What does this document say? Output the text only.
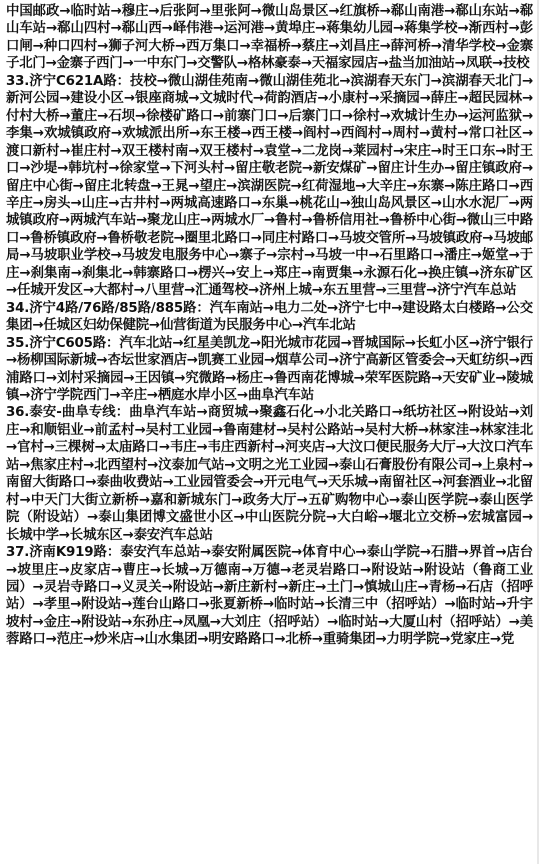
中国邮政→临时站→穆庄→后张阿→里张阿→微山岛景区→红旗桥→郗山南港→郗山东站→郗山车站→郗山四村→郗山西→峄伟港→运河港→黄埠庄→蒋集幼儿园→蒋集学校→渐西村→彭口闸→种口四村→狮子河大桥→西万集口→幸福桥→蔡庄→刘昌庄→薛河桥→清华学校→金寨子北门→金寨子西门→一中东门→交警队→格林豪泰→天福家园店→盐当加油站→凤联→技校

33.济宁C621A路：技校→微山湖佳苑南→微山湖佳苑北→滨湖春天东门→滨湖春天北门→新河公园→建设小区→银座商城→文城时代→荷韵酒店→小康村→采摘园→薛庄→超民园林→付村大桥→董庄→石坝→徐楼矿路口→前寨门口→后寨门口→徐村→欢城计生办→运河监狱→李集→欢城镇政府→欢城派出所→东王楼→西王楼→阎村→西阎村→周村→黄村→常口社区→渡口新村→崔庄村→双王楼村南→双王楼村→袁堂→二龙岗→莱园村→宋庄→时王口东→时王口→沙堤→韩坑村→徐家堂→下河头村→留庄敬老院→新安煤矿→留庄计生办→留庄镇政府→留庄中心街→留庄北转盘→王晁→望庄→滨湖医院→红荷湿地→大辛庄→东寨→陈庄路口→西辛庄→房头→山庄→古井村→两城高速路口→东巢→桃花山→独山岛风景区→山水水泥厂→两城镇政府→两城汽车站→聚龙山庄→两城水厂→鲁村→鲁桥信用社→鲁桥中心街→微山三中路口→鲁桥镇政府→鲁桥敬老院→圈里北路口→同庄村路口→马坡交管所→马坡镇政府→马坡邮局→马坡职业学校→马坡发电服务中心→寨子→宗村→马坡一中→石里路口→潘庄→姬堂→于庄→刹集南→刹集北→韩寨路口→楞兴→安上→郑庄→南贾集→永源石化→换庄镇→济东矿区→任城开发区→大都村→八里营→汇通驾校→济州上城→东五里营→三里营→济宁汽车总站

34.济宁4路/76路/85路/885路：汽车南站→电力二处→济宁七中→建设路太白楼路→公交集团→任城区妇幼保健院→仙营街道为民服务中心→汽车北站

35.济宁C605路：汽车北站→红星美凯龙→阳光城市花园→晋城国际→长虹小区→济宁银行→杨柳国际新城→杏坛世家酒店→凯赛工业园→烟草公司→济宁高新区管委会→天虹纺织→西浦路口→刘村采摘园→王因镇→究微路→杨庄→鲁西南花博城→荣军医院路→天安矿业→陵城镇→济宁学院西门→辛庄→栖庭水岸小区→曲阜汽车站

36.泰安-曲阜专线：曲阜汽车站→商贸城→聚鑫石化→小北关路口→纸坊社区→附设站→刘庄→和顺铝业→前孟村→吴村工业园→鲁南建材→吴村公路站→吴村大桥→林家洼→林家洼北→官村→三棵树→太庙路口→韦庄→韦庄西新村→河夹店→大汶口便民服务大厅→大汶口汽车站→焦家庄村→北西望村→汶泰加气站→文明之光工业园→泰山石膏股份有限公司→上泉村→南留大街路口→泰曲收费站→工业园管委会→开元电气→天乐城→南留社区→河套酒业→北留村→中天门大街立新桥→嘉和新城东门→政务大厅→五矿购物中心→泰山医学院→泰山医学院（附设站）→泰山集团博文盛世小区→中山医院分院→大白峪→堰北立交桥→宏城富园→长城中学→长城东区→泰安汽车总站

37.济南K919路：泰安汽车总站→泰安附属医院→体育中心→泰山学院→石腊→界首→店台→坡里庄→皮家店→曹庄→长城→万德南→万德→老灵岩路口→附设站→附设站（鲁商工业园）→灵岩寺路口→义灵关→附设站→新庄新村→新庄→土门→慎城山庄→青杨→石店（招呼站）→孝里→附设站→莲台山路口→张夏新桥→临时站→长清三中（招呼站）→临时站→升宇坡村→金庄→附设站→东孙庄→凤凰→大刘庄（招呼站）→临时站→大厦山村（招呼站）→美蓉路口→范庄→炒米店→山水集团→明安路路口→北桥→重骑集团→力明学院→党家庄→党
